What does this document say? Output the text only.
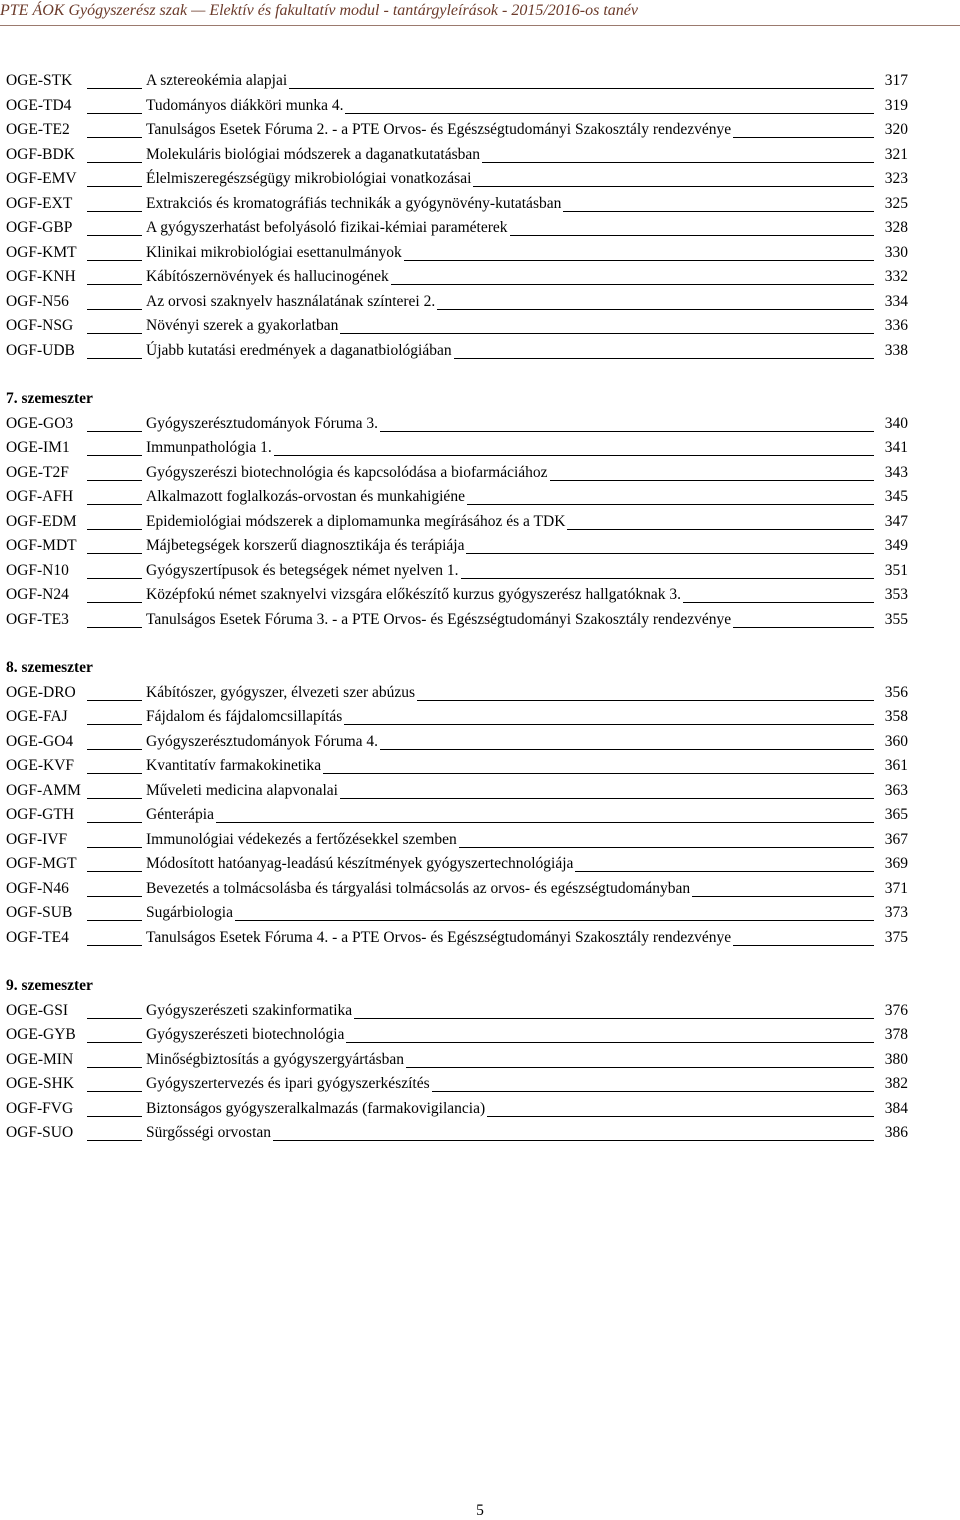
PTE ÁOK Gyógyszerész szak — Elektív és fakultatív modul - tantárgyleírások - 2015/2016-os tanév
OGE-STK	A sztereokémia alapjai	317
OGE-TD4	Tudományos diákköri munka 4.	319
OGE-TE2	Tanulságos Esetek Fóruma 2. - a PTE Orvos- és Egészségtudományi Szakosztály rendezvénye	320
OGF-BDK	Molekuláris biológiai módszerek a daganatkutatásban	321
OGF-EMV	Élelmiszeregészségügy mikrobiológiai vonatkozásai	323
OGF-EXT	Extrakciós és kromatográfiás technikák a gyógynövény-kutatásban	325
OGF-GBP	A gyógyszerhatást befolyásoló fizikai-kémiai paraméterek	328
OGF-KMT	Klinikai mikrobiológiai esettanulmányok	330
OGF-KNH	Kábítószernövények és hallucinogének	332
OGF-N56	Az orvosi szaknyelv használatának színterei 2.	334
OGF-NSG	Növényi szerek a gyakorlatban	336
OGF-UDB	Újabb kutatási eredmények a daganatbiológiában	338
7. szemeszter
OGE-GO3	Gyógyszerésztudományok Fóruma 3.	340
OGE-IM1	Immunpathológia 1.	341
OGE-T2F	Gyógyszerészi biotechnológia és kapcsolódása a biofarmáciához	343
OGF-AFH	Alkalmazott foglalkozás-orvostan és munkahigiéne	345
OGF-EDM	Epidemiológiai módszerek a diplomamunka megírásához és a TDK	347
OGF-MDT	Májbetegségek korszerű diagnosztikája és terápiája	349
OGF-N10	Gyógyszertípusok és betegségek német nyelven 1.	351
OGF-N24	Középfokú német szaknyelvi vizsgára előkészítő kurzus gyógyszerész hallgatóknak 3.	353
OGF-TE3	Tanulságos Esetek Fóruma 3. - a PTE Orvos- és Egészségtudományi Szakosztály rendezvénye	355
8. szemeszter
OGE-DRO	Kábítószer, gyógyszer, élvezeti szer abúzus	356
OGE-FAJ	Fájdalom és fájdalomcsillapítás	358
OGE-GO4	Gyógyszerésztudományok Fóruma 4.	360
OGE-KVF	Kvantitatív farmakokinetika	361
OGF-AMM	Műveleti medicina alapvonalai	363
OGF-GTH	Génterápia	365
OGF-IVF	Immunológiai védekezés a fertőzésekkel szemben	367
OGF-MGT	Módosított hatóanyag-leadású készítmények gyógyszertechnológiája	369
OGF-N46	Bevezetés a tolmácsolásba és tárgyalási tolmácsolás az orvos- és egészségtudományban	371
OGF-SUB	Sugárbiologia	373
OGF-TE4	Tanulságos Esetek Fóruma 4. - a PTE Orvos- és Egészségtudományi Szakosztály rendezvénye	375
9. szemeszter
OGE-GSI	Gyógyszerészeti szakinformatika	376
OGE-GYB	Gyógyszerészeti biotechnológia	378
OGE-MIN	Minőségbiztosítás a gyógyszergyártásban	380
OGE-SHK	Gyógyszertervezés és ipari gyógyszerkészítés	382
OGF-FVG	Biztonságos gyógyszeralkalmazás (farmakovigilancia)	384
OGF-SUO	Sürgősségi orvostan	386
5
